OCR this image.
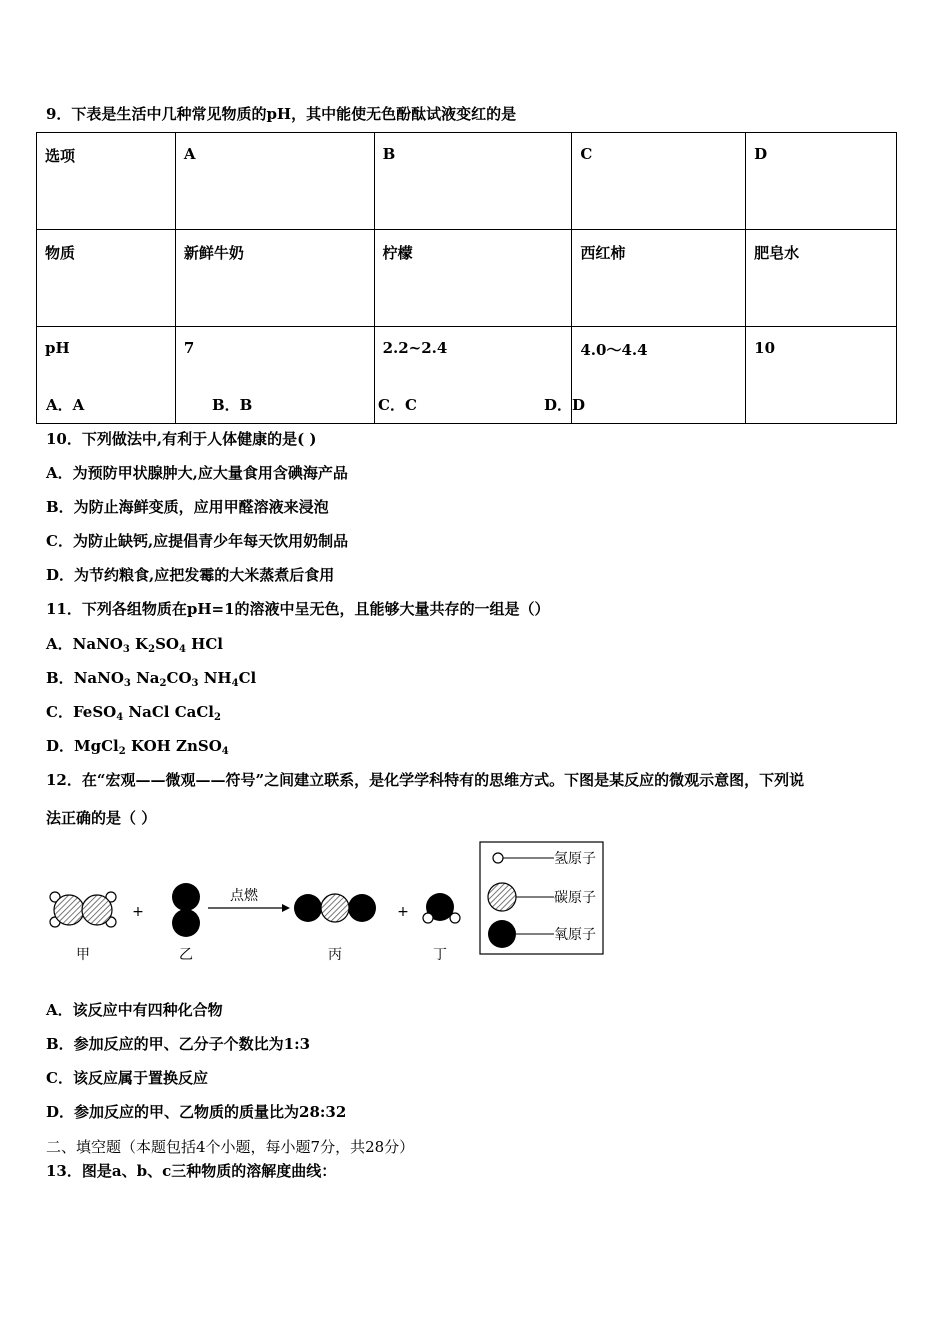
9．下表是生活中几种常见物质的pH，其中能使无色酚酞试液变红的是
选项	A	B	C	D
物质	新鲜牛奶	柠檬	西红柿	肥皂水
pH	7	2.2~2.4	4.0～4.4	10
A．A	B．B	C．C	D．D
10．下列做法中,有利于人体健康的是( )
A．为预防甲状腺肿大,应大量食用含碘海产品
B．为防止海鲜变质，应用甲醛溶液来浸泡
C．为防止缺钙,应提倡青少年每天饮用奶制品
D．为节约粮食,应把发霉的大米蒸煮后食用
11．下列各组物质在pH=1的溶液中呈无色，且能够大量共存的一组是（）
A．NaNO$_3$ $K_2SO_4$ HCl
B．NaNO$_3$ $Na_2CO_3$ $NH_4Cl$
C．FeSO$_4$ NaCl CaCl$_2$
D．MgCl$_2$ KOH ZnSO$_4$
12．在“宏观——微观——符号”之间建立联系，是化学学科特有的思维方式。下图是某反应的微观示意图，下列说
法正确的是（ ）
甲
+
乙
点燃
丙
+
丁
氢原子
碳原子
氧原子
A．该反应中有四种化合物
B．参加反应的甲、乙分子个数比为1:3
C．该反应属于置换反应
D．参加反应的甲、乙物质的质量比为28:32
二、填空题（本题包括4个小题，每小题7分，共28分）
13．图是a、b、c三种物质的溶解度曲线：
